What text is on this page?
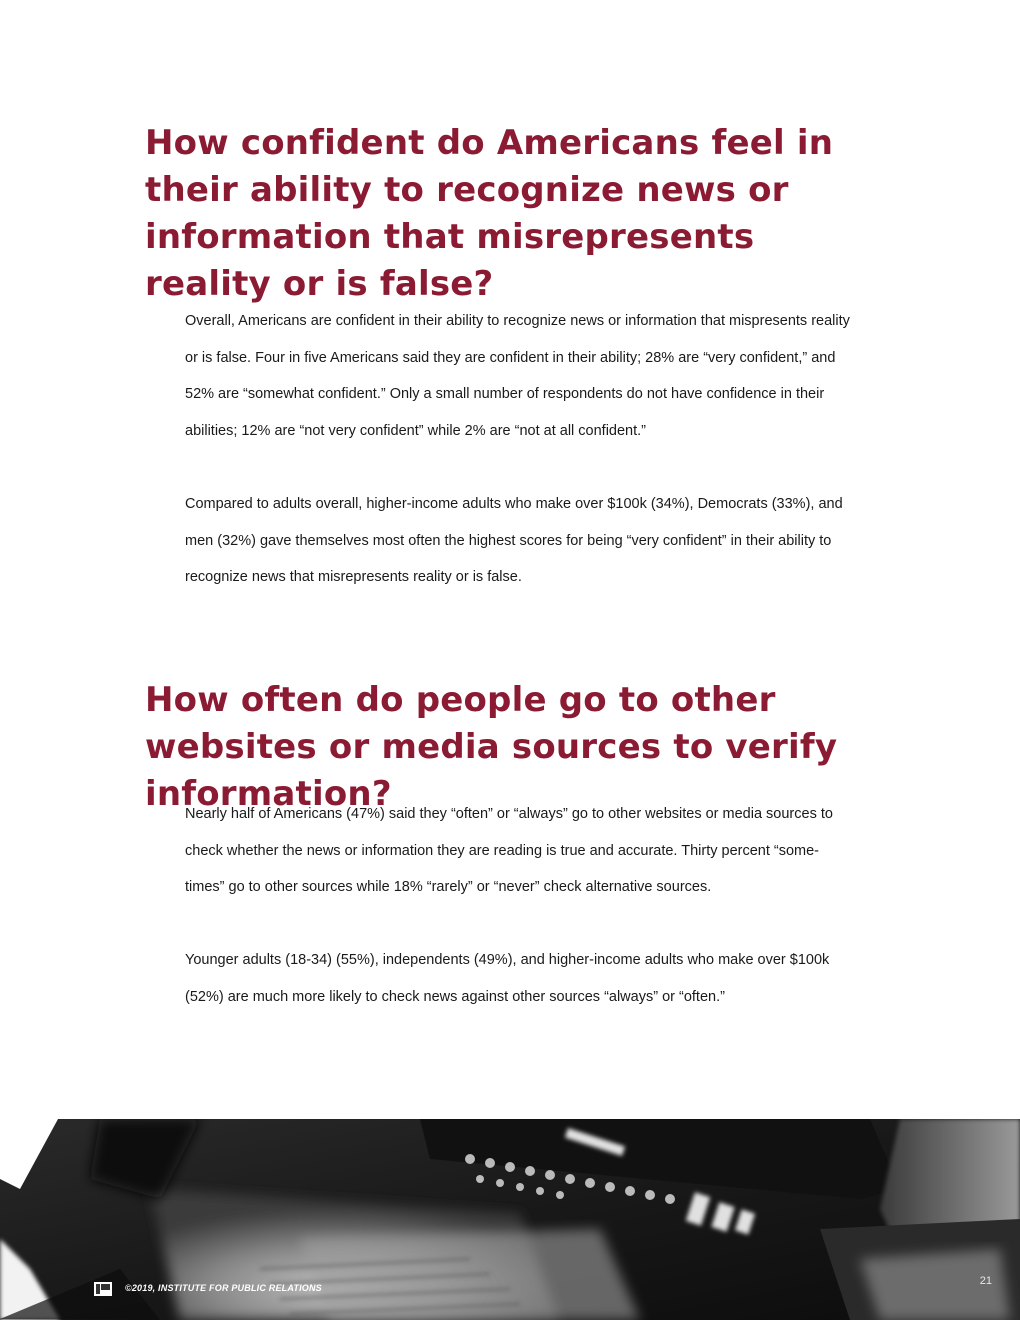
How confident do Americans feel in their ability to recognize news or information that misrepresents reality or is false?

Overall, Americans are confident in their ability to recognize news or information that mispresents reality or is false. Four in five Americans said they are confident in their ability; 28% are “very confident,” and 52% are “somewhat confident.” Only a small number of respondents do not have confidence in their abilities; 12% are “not very confident” while 2% are “not at all confident.”

Compared to adults overall, higher-income adults who make over $100k (34%), Democrats (33%), and men (32%) gave themselves most often the highest scores for being “very confident” in their ability to recognize news that misrepresents reality or is false.

How often do people go to other websites or media sources to verify information?

Nearly half of Americans (47%) said they “often” or “always” go to other websites or media sources to check whether the news or information they are reading is true and accurate. Thirty percent “some-times” go to other sources while 18% “rarely” or “never” check alternative sources.

Younger adults (18-34) (55%), independents (49%), and higher-income adults who make over $100k (52%) are much more likely to check news against other sources “always” or “often.”

©2019, INSTITUTE FOR PUBLIC RELATIONS
21
